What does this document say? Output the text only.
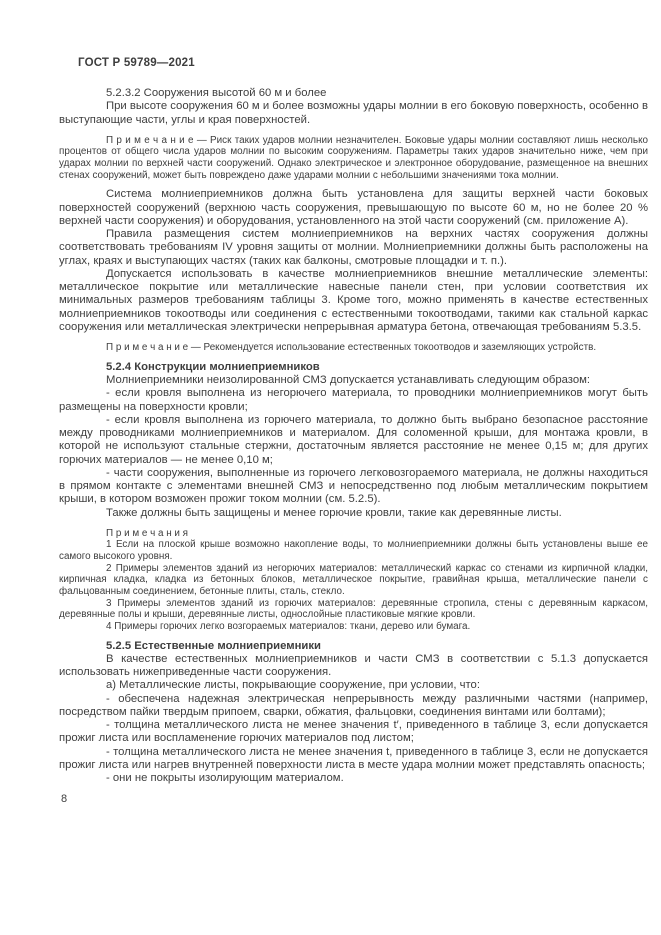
ГОСТ Р 59789—2021

5.2.3.2 Сооружения высотой 60 м и более

При высоте сооружения 60 м и более возможны удары молнии в его боковую поверхность, особенно в выступающие части, углы и края поверхностей.

П р и м е ч а н и е — Риск таких ударов молнии незначителен. Боковые удары молнии составляют лишь несколько процентов от общего числа ударов молнии по высоким сооружениям. Параметры таких ударов значительно ниже, чем при ударах молнии по верхней части сооружений. Однако электрическое и электронное оборудование, размещенное на внешних стенах сооружений, может быть повреждено даже ударами молнии с небольшими значениями тока молнии.

Система молниеприемников должна быть установлена для защиты верхней части боковых поверхностей сооружений (верхнюю часть сооружения, превышающую по высоте 60 м, но не более 20 % верхней части сооружения) и оборудования, установленного на этой части сооружений (см. приложение А).

Правила размещения систем молниеприемников на верхних частях сооружения должны соответствовать требованиям IV уровня защиты от молнии. Молниеприемники должны быть расположены на углах, краях и выступающих частях (таких как балконы, смотровые площадки и т. п.).

Допускается использовать в качестве молниеприемников внешние металлические элементы: металлическое покрытие или металлические навесные панели стен, при условии соответствия их минимальных размеров требованиям таблицы 3. Кроме того, можно применять в качестве естественных молниеприемников токоотводы или соединения с естественными токоотводами, такими как стальной каркас сооружения или металлическая электрически непрерывная арматура бетона, отвечающая требованиям 5.3.5.

П р и м е ч а н и е — Рекомендуется использование естественных токоотводов и заземляющих устройств.

5.2.4 Конструкции молниеприемников

Молниеприемники неизолированной СМЗ допускается устанавливать следующим образом:

- если кровля выполнена из негорючего материала, то проводники молниеприемников могут быть размещены на поверхности кровли;

- если кровля выполнена из горючего материала, то должно быть выбрано безопасное расстояние между проводниками молниеприемников и материалом. Для соломенной крыши, для монтажа кровли, в которой не используют стальные стержни, достаточным является расстояние не менее 0,15 м; для других горючих материалов — не менее 0,10 м;

- части сооружения, выполненные из горючего легковозгораемого материала, не должны находиться в прямом контакте с элементами внешней СМЗ и непосредственно под любым металлическим покрытием крыши, в котором возможен прожиг током молнии (см. 5.2.5).

Также должны быть защищены и менее горючие кровли, такие как деревянные листы.

П р и м е ч а н и я

1 Если на плоской крыше возможно накопление воды, то молниеприемники должны быть установлены выше ее самого высокого уровня.

2 Примеры элементов зданий из негорючих материалов: металлический каркас со стенами из кирпичной кладки, кирпичная кладка, кладка из бетонных блоков, металлическое покрытие, гравийная крыша, металлические панели с фальцованным соединением, бетонные плиты, сталь, стекло.

3 Примеры элементов зданий из горючих материалов: деревянные стропила, стены с деревянным каркасом, деревянные полы и крыши, деревянные листы, однослойные пластиковые мягкие кровли.

4 Примеры горючих легко возгораемых материалов: ткани, дерево или бумага.

5.2.5 Естественные молниеприемники

В качестве естественных молниеприемников и части СМЗ в соответствии с 5.1.3 допускается использовать нижеприведенные части сооружения.

а) Металлические листы, покрывающие сооружение, при условии, что:

- обеспечена надежная электрическая непрерывность между различными частями (например, посредством пайки твердым припоем, сварки, обжатия, фальцовки, соединения винтами или болтами);

- толщина металлического листа не менее значения t′, приведенного в таблице 3, если допускается прожиг листа или воспламенение горючих материалов под листом;

- толщина металлического листа не менее значения t, приведенного в таблице 3, если не допускается прожиг листа или нагрев внутренней поверхности листа в месте удара молнии может представлять опасность;

- они не покрыты изолирующим материалом.

8
